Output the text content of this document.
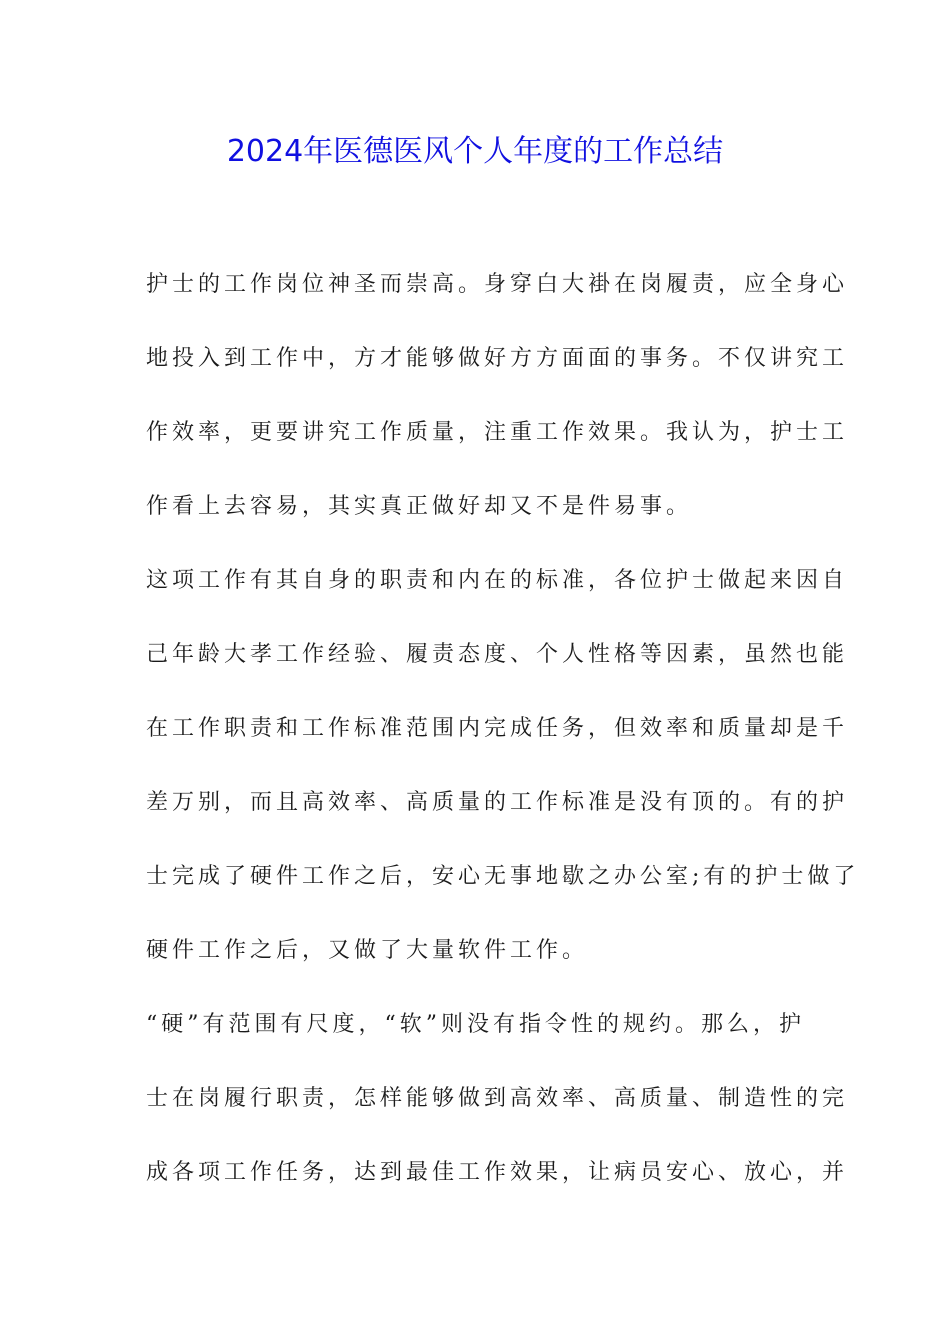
2024年医德医风个人年度的工作总结
护士的工作岗位神圣而崇高。身穿白大褂在岗履责，应全身心
地投入到工作中，方才能够做好方方面面的事务。不仅讲究工
作效率，更要讲究工作质量，注重工作效果。我认为，护士工
作看上去容易，其实真正做好却又不是件易事。
这项工作有其自身的职责和内在的标准，各位护士做起来因自
己年龄大孝工作经验、履责态度、个人性格等因素，虽然也能
在工作职责和工作标准范围内完成任务，但效率和质量却是千
差万别，而且高效率、高质量的工作标准是没有顶的。有的护
士完成了硬件工作之后，安心无事地歇之办公室;有的护士做了
硬件工作之后，又做了大量软件工作。
“硬”有范围有尺度，“软”则没有指令性的规约。那么，护
士在岗履行职责，怎样能够做到高效率、高质量、制造性的完
成各项工作任务，达到最佳工作效果，让病员安心、放心，并
